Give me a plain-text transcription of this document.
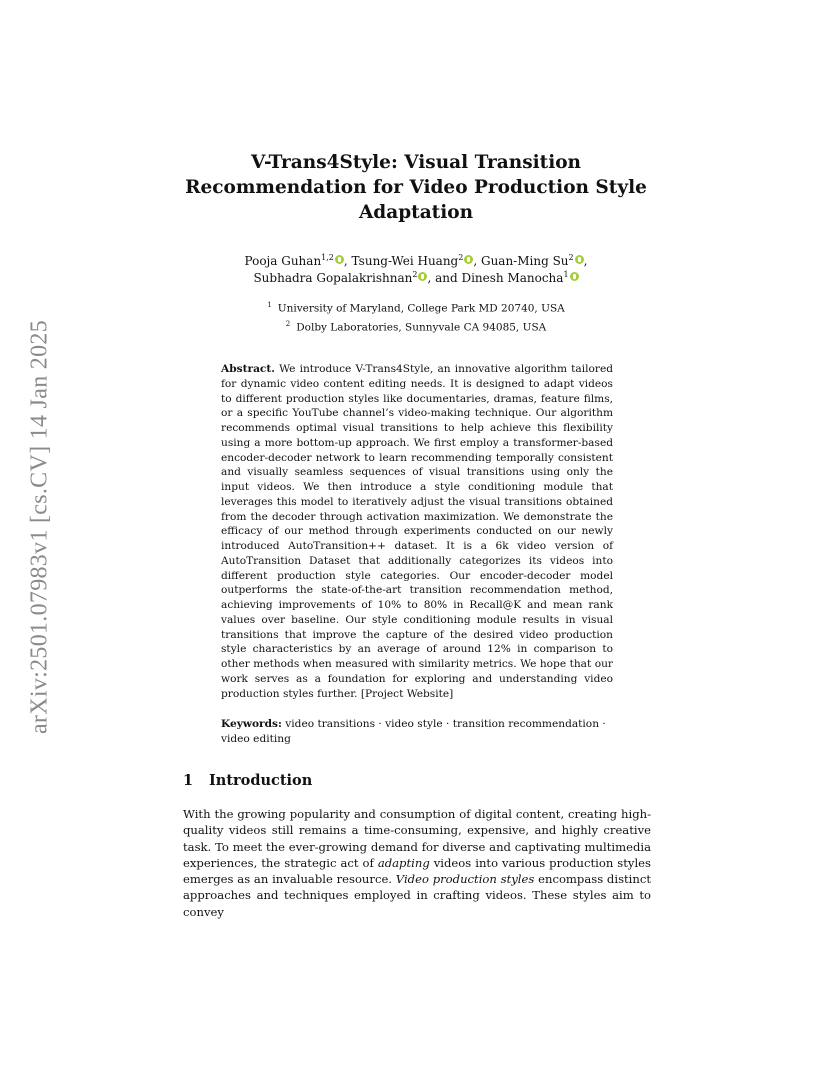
arXiv:2501.07983v1 [cs.CV] 14 Jan 2025
V-Trans4Style: Visual Transition
Recommendation for Video Production Style
Adaptation
Pooja Guhan$^{1,2}$ , Tsung-Wei Huang$^2$ , Guan-Ming Su$^2$ ,
Subhadra Gopalakrishnan$^2$ , and Dinesh Manocha$^1$
$^1$ University of Maryland, College Park MD 20740, USA
$^2$ Dolby Laboratories, Sunnyvale CA 94085, USA
Abstract. We introduce V-Trans4Style, an innovative algorithm tailored for dynamic video content editing needs. It is designed to adapt videos to different production styles like documentaries, dramas, feature films, or a specific YouTube channel’s video-making technique. Our algorithm recommends optimal visual transitions to help achieve this flexibility using a more bottom-up approach. We first employ a transformer-based encoder-decoder network to learn recommending temporally consistent and visually seamless sequences of visual transitions using only the input videos. We then introduce a style conditioning module that leverages this model to iteratively adjust the visual transitions obtained from the decoder through activation maximization. We demonstrate the efficacy of our method through experiments conducted on our newly introduced AutoTransition++ dataset. It is a 6k video version of AutoTransition Dataset that additionally categorizes its videos into different production style categories. Our encoder-decoder model outperforms the state-of-the-art transition recommendation method, achieving improvements of 10% to 80% in Recall@K and mean rank values over baseline. Our style conditioning module results in visual transitions that improve the capture of the desired video production style characteristics by an average of around 12% in comparison to other methods when measured with similarity metrics. We hope that our work serves as a foundation for exploring and understanding video production styles further. [Project Website]
Keywords: video transitions · video style · transition recommendation · video editing
1 Introduction
With the growing popularity and consumption of digital content, creating high-quality videos still remains a time-consuming, expensive, and highly creative task. To meet the ever-growing demand for diverse and captivating multimedia experiences, the strategic act of adapting videos into various production styles emerges as an invaluable resource. Video production styles encompass distinct approaches and techniques employed in crafting videos. These styles aim to convey
